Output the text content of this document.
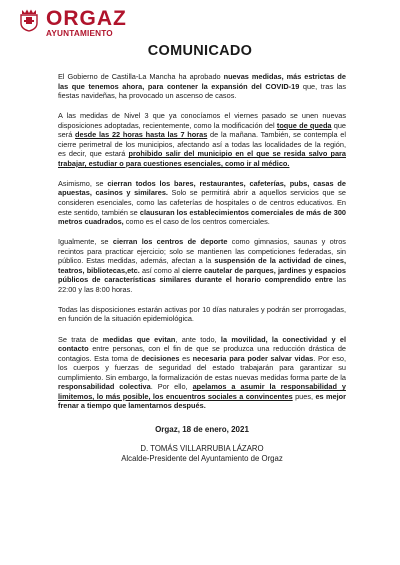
ORGAZ
AYUNTAMIENTO
COMUNICADO

El Gobierno de Castilla-La Mancha ha aprobado nuevas medidas, más estrictas de las que tenemos ahora, para contener la expansión del COVID-19 que, tras las fiestas navideñas, ha provocado un ascenso de casos.

A las medidas de Nivel 3 que ya conocíamos el viernes pasado se unen nuevas disposiciones adoptadas, recientemente, como la modificación del toque de queda que será desde las 22 horas hasta las 7 horas de la mañana. También, se contempla el cierre perimetral de los municipios, afectando así a todas las localidades de la región, es decir, que estará prohibido salir del municipio en el que se resida salvo para trabajar, estudiar o para cuestiones esenciales, como ir al médico.

Asimismo, se cierran todos los bares, restaurantes, cafeterías, pubs, casas de apuestas, casinos y similares. Solo se permitirá abrir a aquellos servicios que se consideren esenciales, como las cafeterías de hospitales o de centros educativos. En este sentido, también se clausuran los establecimientos comerciales de más de 300 metros cuadrados, como es el caso de los centros comerciales.

Igualmente, se cierran los centros de deporte como gimnasios, saunas y otros recintos para practicar ejercicio; solo se mantienen las competiciones federadas, sin público. Estas medidas, además, afectan a la suspensión de la actividad de cines, teatros, bibliotecas,etc. así como al cierre cautelar de parques, jardines y espacios públicos de características similares durante el horario comprendido entre las 22:00 y las 8:00 horas.

Todas las disposiciones estarán activas por 10 días naturales y podrán ser prorrogadas, en función de la situación epidemiológica.

Se trata de medidas que evitan, ante todo, la movilidad, la conectividad y el contacto entre personas, con el fin de que se produzca una reducción drástica de contagios. Esta toma de decisiones es necesaria para poder salvar vidas. Por eso, los cuerpos y fuerzas de seguridad del estado trabajarán para garantizar su cumplimiento. Sin embargo, la formalización de estas nuevas medidas forma parte de la responsabilidad colectiva. Por ello, apelamos a asumir la responsabilidad y limitemos, lo más posible, los encuentros sociales a convincentes pues, es mejor frenar a tiempo que lamentarnos después.

Orgaz, 18 de enero, 2021
D. TOMÁS VILLARRUBIA LÁZARO
Alcalde-Presidente del Ayuntamiento de Orgaz
